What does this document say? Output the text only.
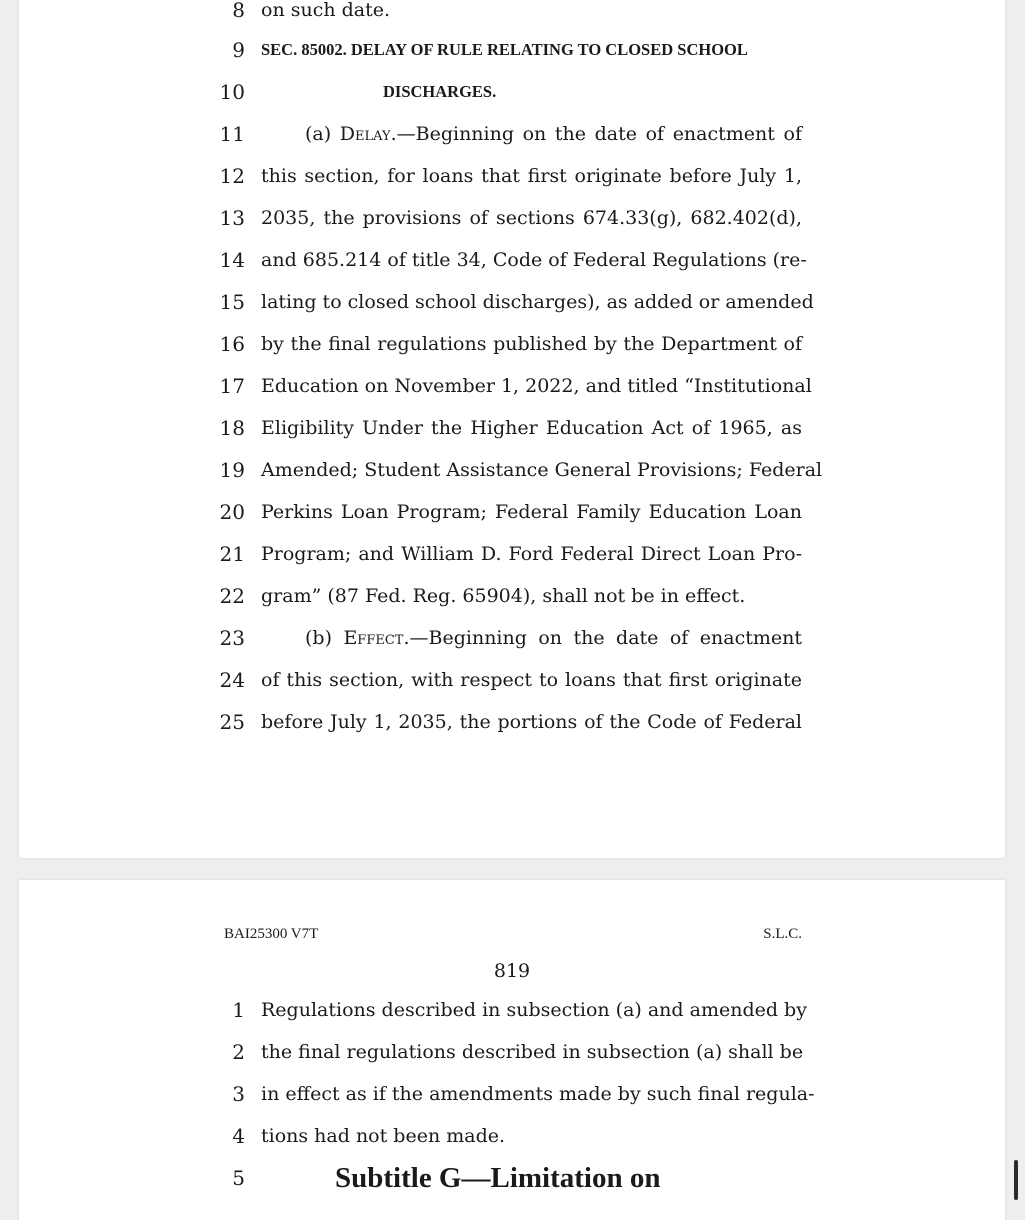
8 on such date.
9 SEC. 85002. DELAY OF RULE RELATING TO CLOSED SCHOOL
10	DISCHARGES.
11	(a) Delay.—Beginning on the date of enactment of
12 this section, for loans that first originate before July 1,
13 2035, the provisions of sections 674.33(g), 682.402(d),
14 and 685.214 of title 34, Code of Federal Regulations (re-
15 lating to closed school discharges), as added or amended
16 by the final regulations published by the Department of
17 Education on November 1, 2022, and titled “Institutional
18 Eligibility Under the Higher Education Act of 1965, as
19 Amended; Student Assistance General Provisions; Federal
20 Perkins Loan Program; Federal Family Education Loan
21 Program; and William D. Ford Federal Direct Loan Pro-
22 gram” (87 Fed. Reg. 65904), shall not be in effect.
23	(b) Effect.—Beginning on the date of enactment
24 of this section, with respect to loans that first originate
25 before July 1, 2035, the portions of the Code of Federal
BAI25300 V7T	S.L.C.
819
1 Regulations described in subsection (a) and amended by
2 the final regulations described in subsection (a) shall be
3 in effect as if the amendments made by such final regula-
4 tions had not been made.
5	Subtitle G—Limitation on
